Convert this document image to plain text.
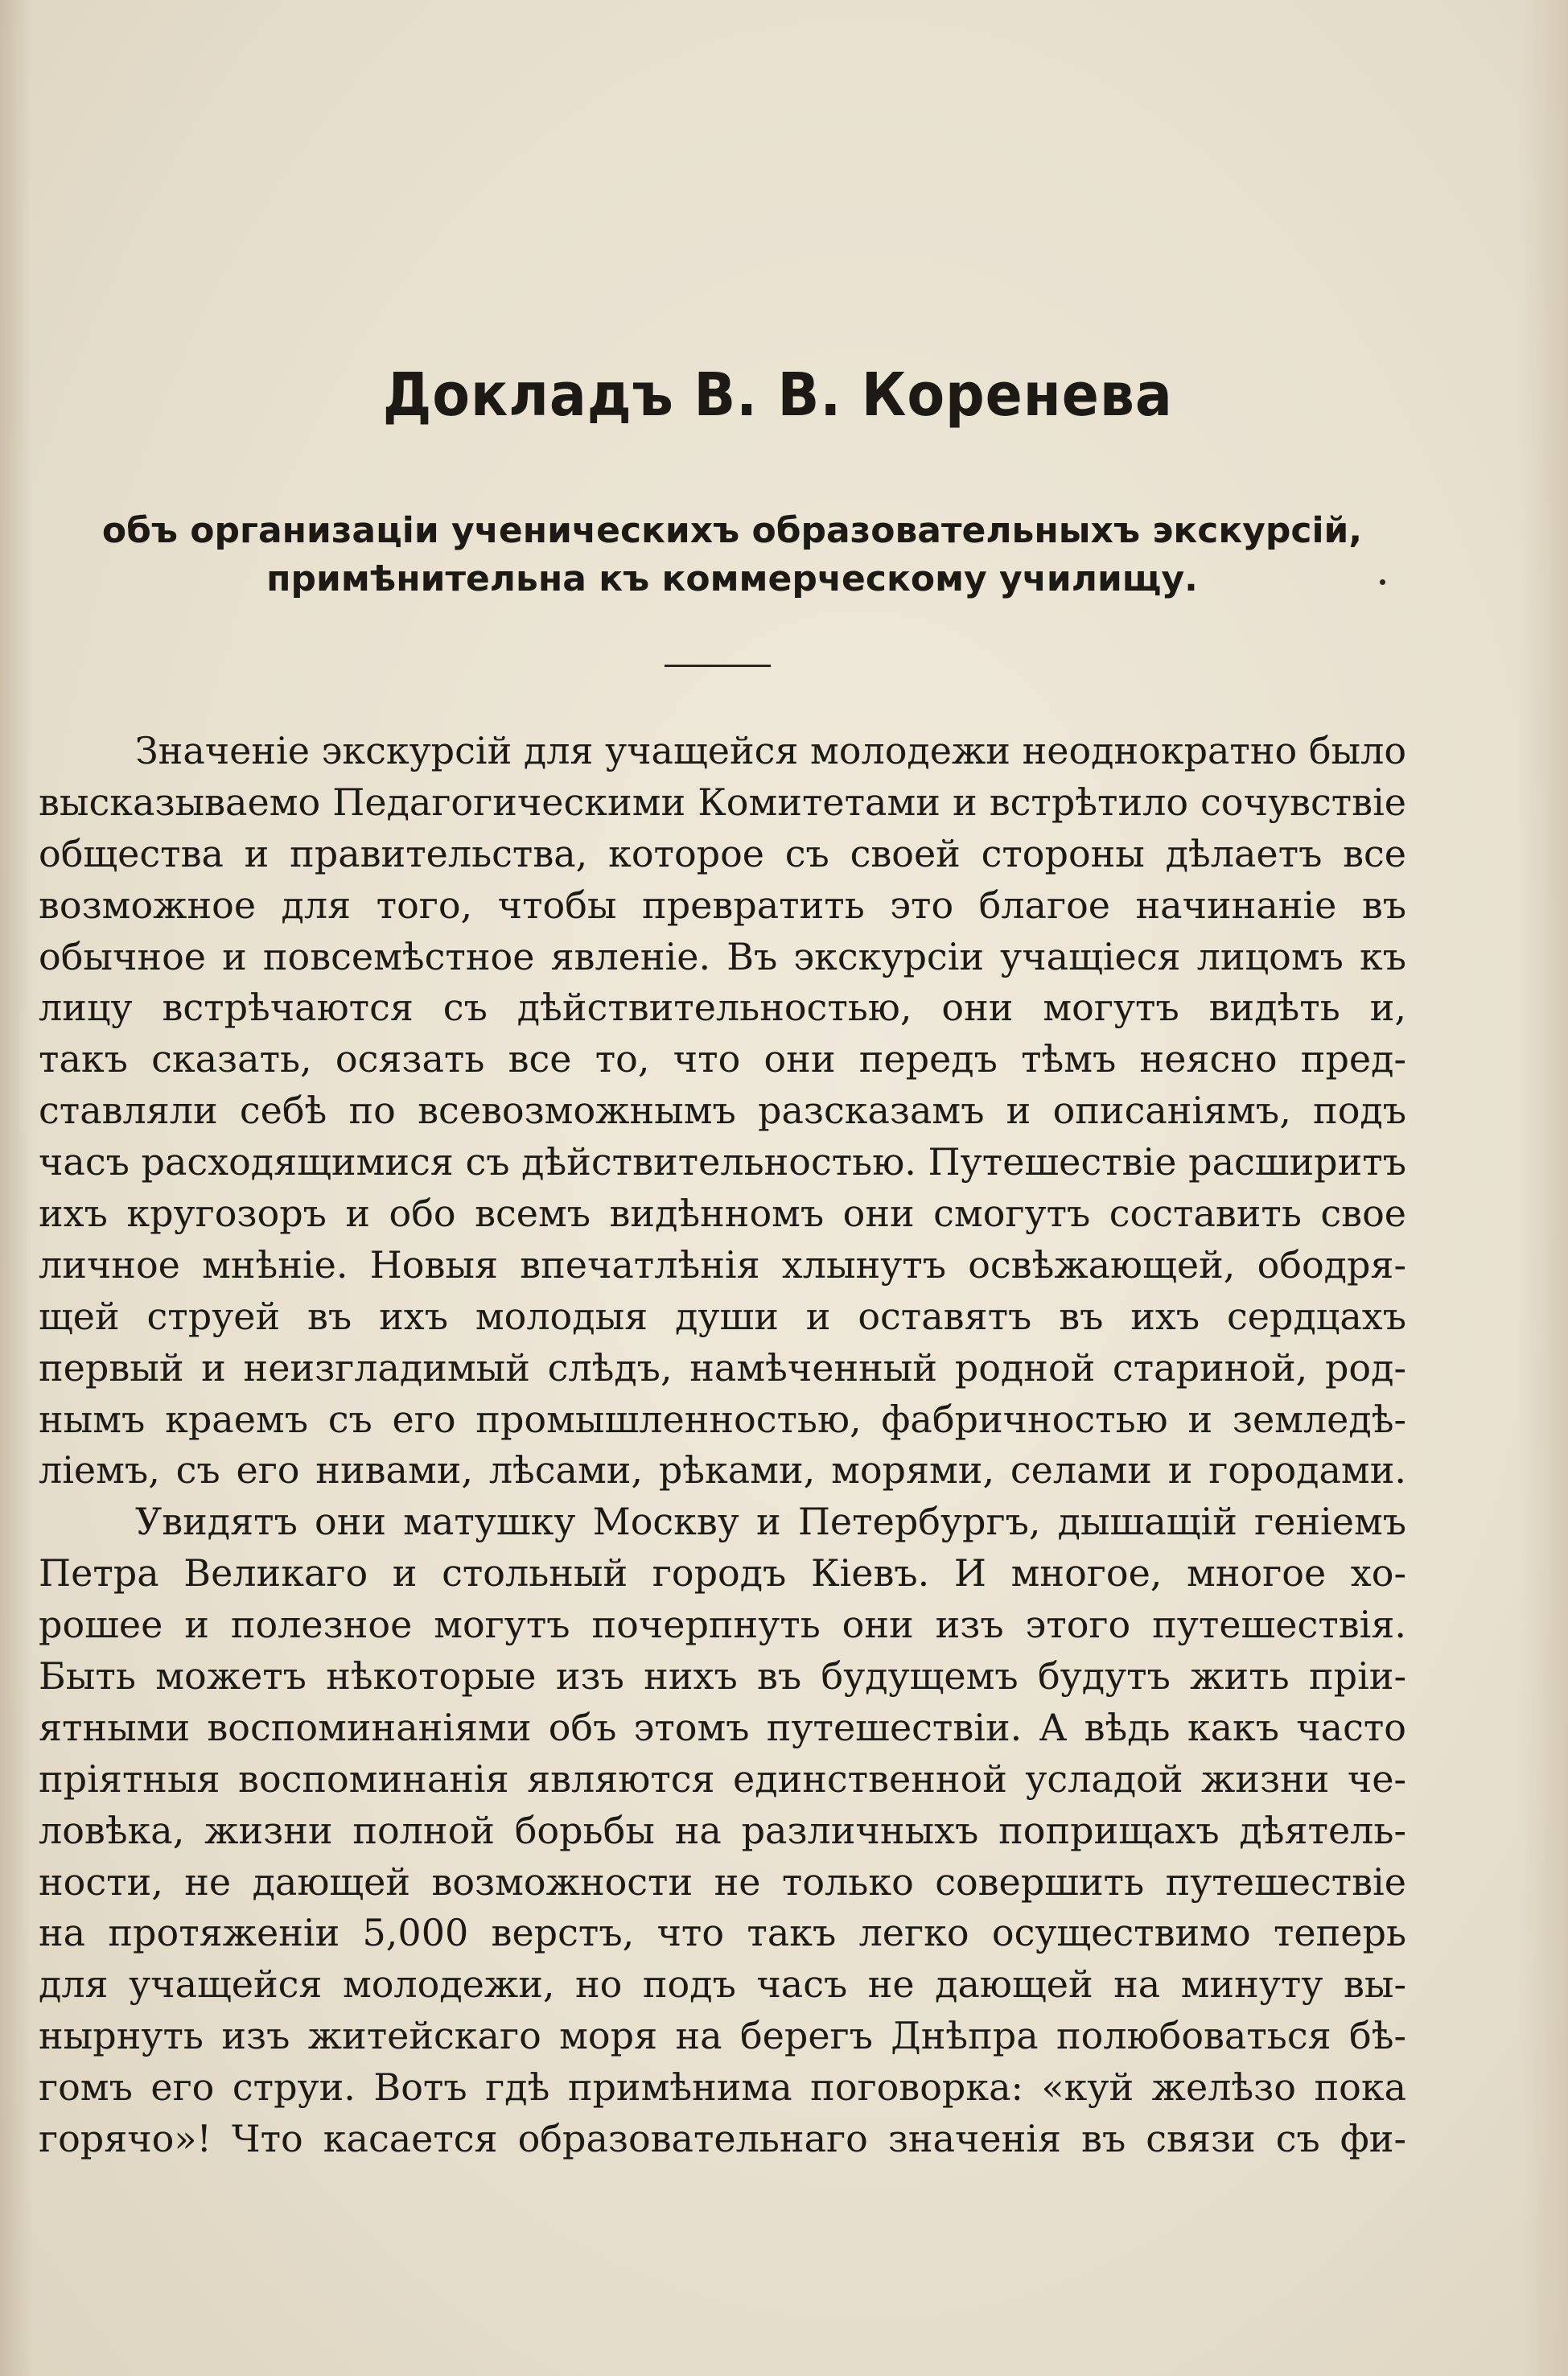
Докладъ В. В. Коренева
объ организаціи ученическихъ образовательныхъ экскурсій, примѣнительна къ коммерческому училищу.
Значеніе экскурсій для учащейся молодежи неоднократно было
высказываемо Педагогическими Комитетами и встрѣтило сочувствіе
общества и правительства, которое съ своей стороны дѣлаетъ все
возможное для того, чтобы превратить это благое начинаніе въ
обычное и повсемѣстное явленіе. Въ экскурсіи учащіеся лицомъ къ
лицу встрѣчаются съ дѣйствительностью, они могутъ видѣть и,
такъ сказать, осязать все то, что они передъ тѣмъ неясно пред-
ставляли себѣ по всевозможнымъ разсказамъ и описаніямъ, подъ
часъ расходящимися съ дѣйствительностью. Путешествіе расширитъ
ихъ кругозоръ и обо всемъ видѣнномъ они смогутъ составить свое
личное мнѣніе. Новыя впечатлѣнія хлынутъ освѣжающей, ободря-
щей струей въ ихъ молодыя души и оставятъ въ ихъ сердцахъ
первый и неизгладимый слѣдъ, намѣченный родной стариной, род-
нымъ краемъ съ его промышленностью, фабричностью и земледѣ-
ліемъ, съ его нивами, лѣсами, рѣками, морями, селами и городами.
Увидятъ они матушку Москву и Петербургъ, дышащій геніемъ
Петра Великаго и стольный городъ Кіевъ. И многое, многое хо-
рошее и полезное могутъ почерпнуть они изъ этого путешествія.
Быть можетъ нѣкоторые изъ нихъ въ будущемъ будутъ жить пріи-
ятными воспоминаніями объ этомъ путешествіи. А вѣдь какъ часто
пріятныя воспоминанія являются единственной усладой жизни че-
ловѣка, жизни полной борьбы на различныхъ поприщахъ дѣятель-
ности, не дающей возможности не только совершить путешествіе
на протяженіи 5,000 верстъ, что такъ легко осуществимо теперь
для учащейся молодежи, но подъ часъ не дающей на минуту вы-
нырнуть изъ житейскаго моря на берегъ Днѣпра полюбоваться бѣ-
гомъ его струи. Вотъ гдѣ примѣнима поговорка: «куй желѣзо пока
горячо»! Что касается образовательнаго значенія въ связи съ фи-
